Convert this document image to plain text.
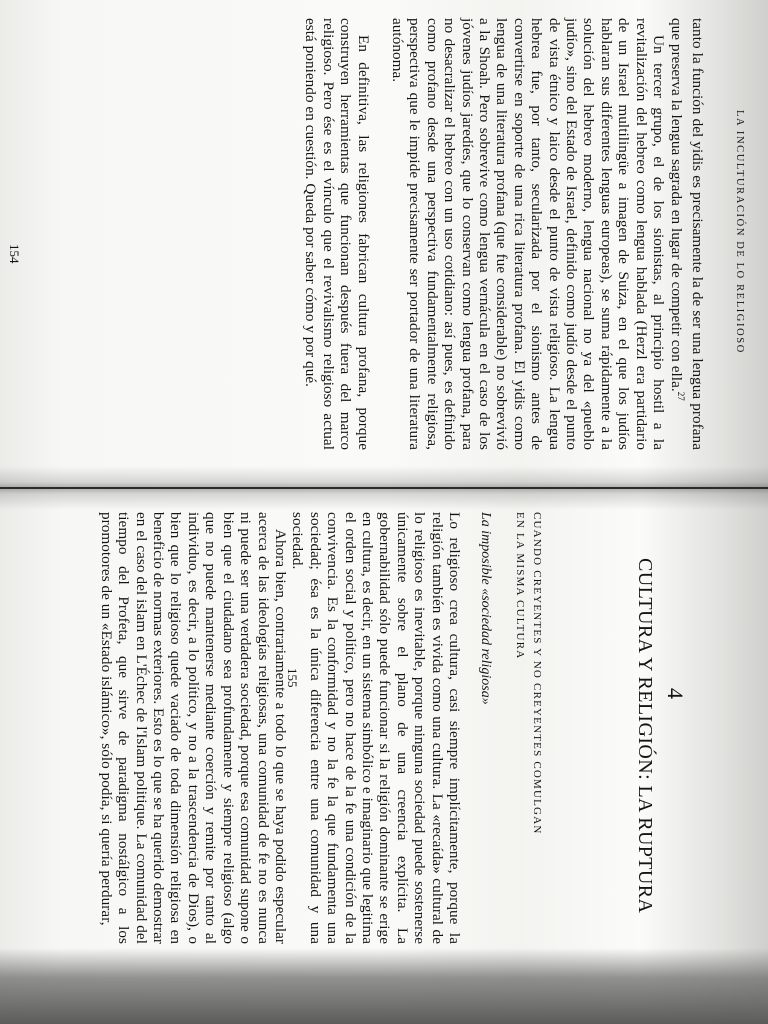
LA INCULTURACIÓN DE LO RELIGIOSO

tanto la función del yidis es precisamente la de ser una lengua profana que preserva la lengua sagrada en lugar de competir con ella.$^{27}$

Un tercer grupo, el de los sionistas, al principio hostil a la revitalización del hebreo como lengua hablada (Herzl era partidario de un Israel multilingüe a imagen de Suiza, en el que los judíos hablaran sus diferentes lenguas europeas), se suma rápidamente a la solución del hebreo moderno, lengua nacional no ya del «pueblo judío», sino del Estado de Israel, definido como judío desde el punto de vista étnico y laico desde el punto de vista religioso. La lengua hebrea fue, por tanto, secularizada por el sionismo antes de convertirse en soporte de una rica literatura profana. El yidis como lengua de una literatura profana (que fue considerable) no sobrevivió a la Shoah. Pero sobrevive como lengua vernácula en el caso de los jóvenes judíos jaredíes, que lo conservan como lengua profana, para no desacralizar el hebreo con un uso cotidiano: así pues, es definido como profano desde una perspectiva fundamentalmente religiosa, perspectiva que le impide precisamente ser portador de una literatura autónoma.

En definitiva, las religiones fabrican cultura profana, porque construyen herramientas que funcionan después fuera del marco religioso. Pero ése es el vínculo que el revivalismo religioso actual está poniendo en cuestión. Queda por saber cómo y por qué.

154
4
CULTURA Y RELIGIÓN: LA RUPTURA
CUANDO CREYENTES Y NO CREYENTES COMULGAN
EN LA MISMA CULTURA
La imposible «sociedad religiosa»

Lo religioso crea cultura, casi siempre implícitamente, porque la religión también es vivida como una cultura. La «recaída» cultural de lo religioso es inevitable, porque ninguna sociedad puede sostenerse únicamente sobre el plano de una creencia explícita. La gobernabilidad sólo puede funcionar si la religión dominante se erige en cultura, es decir, en un sistema simbólico e imaginario que legitima el orden social y político, pero no hace de la fe una condición de la convivencia. Es la conformidad y no la fe la que fundamenta una sociedad; ésa es la única diferencia entre una comunidad y una sociedad.

Ahora bien, contrariamente a todo lo que se haya podido especular acerca de las ideologías religiosas, una comunidad de fe no es nunca ni puede ser una verdadera sociedad, porque esa comunidad supone o bien que el ciudadano sea profundamente y siempre religioso (algo que no puede mantenerse mediante coerción y remite por tanto al individuo, es decir, a lo político, y no a la trascendencia de Dios), o bien que lo religioso quede vaciado de toda dimensión religiosa en beneficio de normas exteriores. Esto es lo que se ha querido demostrar en el caso del islam en L'Échec de l'Islam politique. La comunidad del tiempo del Profeta, que sirve de paradigma nostálgico a los promotores de un «Estado islámico», sólo podía, si quería perdurar,	155
